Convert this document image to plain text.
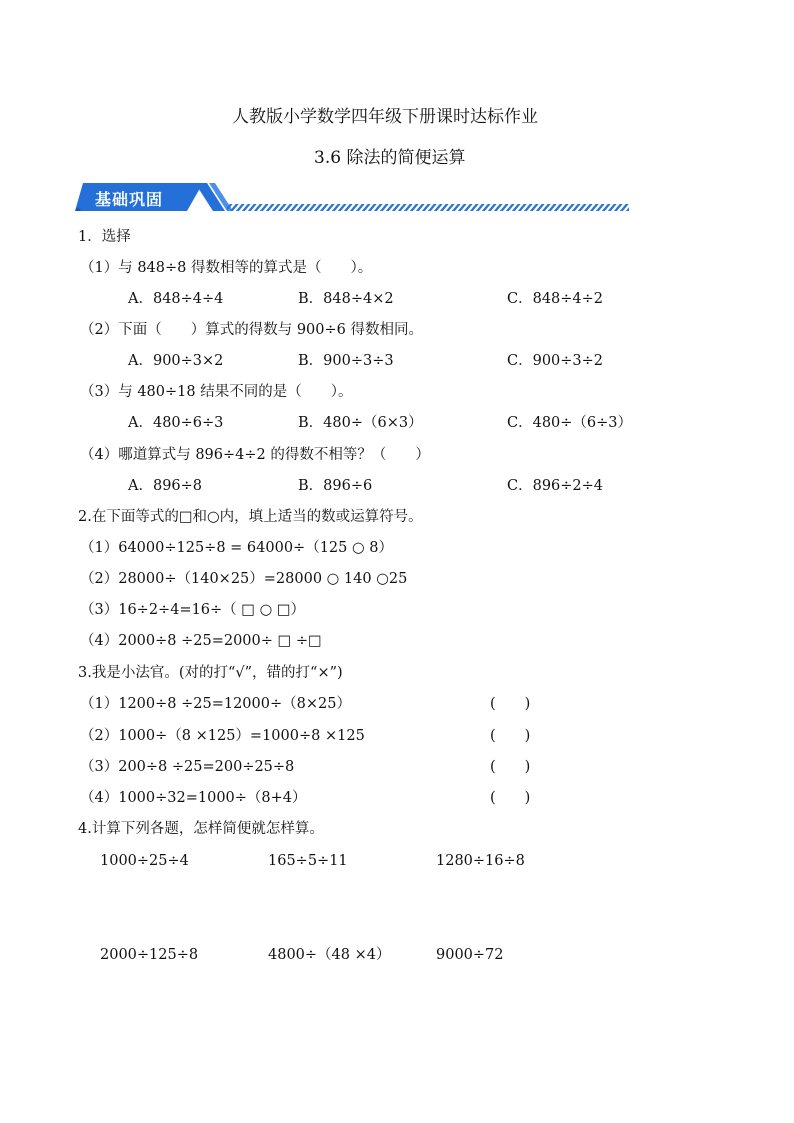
人教版小学数学四年级下册课时达标作业
3.6 除法的简便运算
基础巩固
1．选择
（1）与 848÷8 得数相等的算式是（　　）。
A．848÷4÷4	B．848÷4×2	C．848÷4÷2
（2）下面（　　）算式的得数与 900÷6 得数相同。
A．900÷3×2	B．900÷3÷3	C．900÷3÷2
（3）与 480÷18 结果不同的是（　　）。
A．480÷6÷3	B．480÷（6×3）	C．480÷（6÷3）
（4）哪道算式与 896÷4÷2 的得数不相等？（　　）
A．896÷8	B．896÷6	C．896÷2÷4
2.在下面等式的□和○内，填上适当的数或运算符号。
（1）64000÷125÷8 = 64000÷（125 ○ 8）
（2）28000÷（140×25）=28000 ○ 140 ○25
（3）16÷2÷4=16÷（ □ ○ □）
（4）2000÷8 ÷25=2000÷ □ ÷□
3.我是小法官。(对的打“√”，错的打“×”)
（1）1200÷8 ÷25=12000÷（8×25）	(　　)
（2）1000÷（8 ×125）=1000÷8 ×125	(　　)
（3）200÷8 ÷25=200÷25÷8	(　　)
（4）1000÷32=1000÷（8+4）	(　　)
4.计算下列各题，怎样简便就怎样算。
1000÷25÷4	165÷5÷11	1280÷16÷8
2000÷125÷8	4800÷（48 ×4）	9000÷72
